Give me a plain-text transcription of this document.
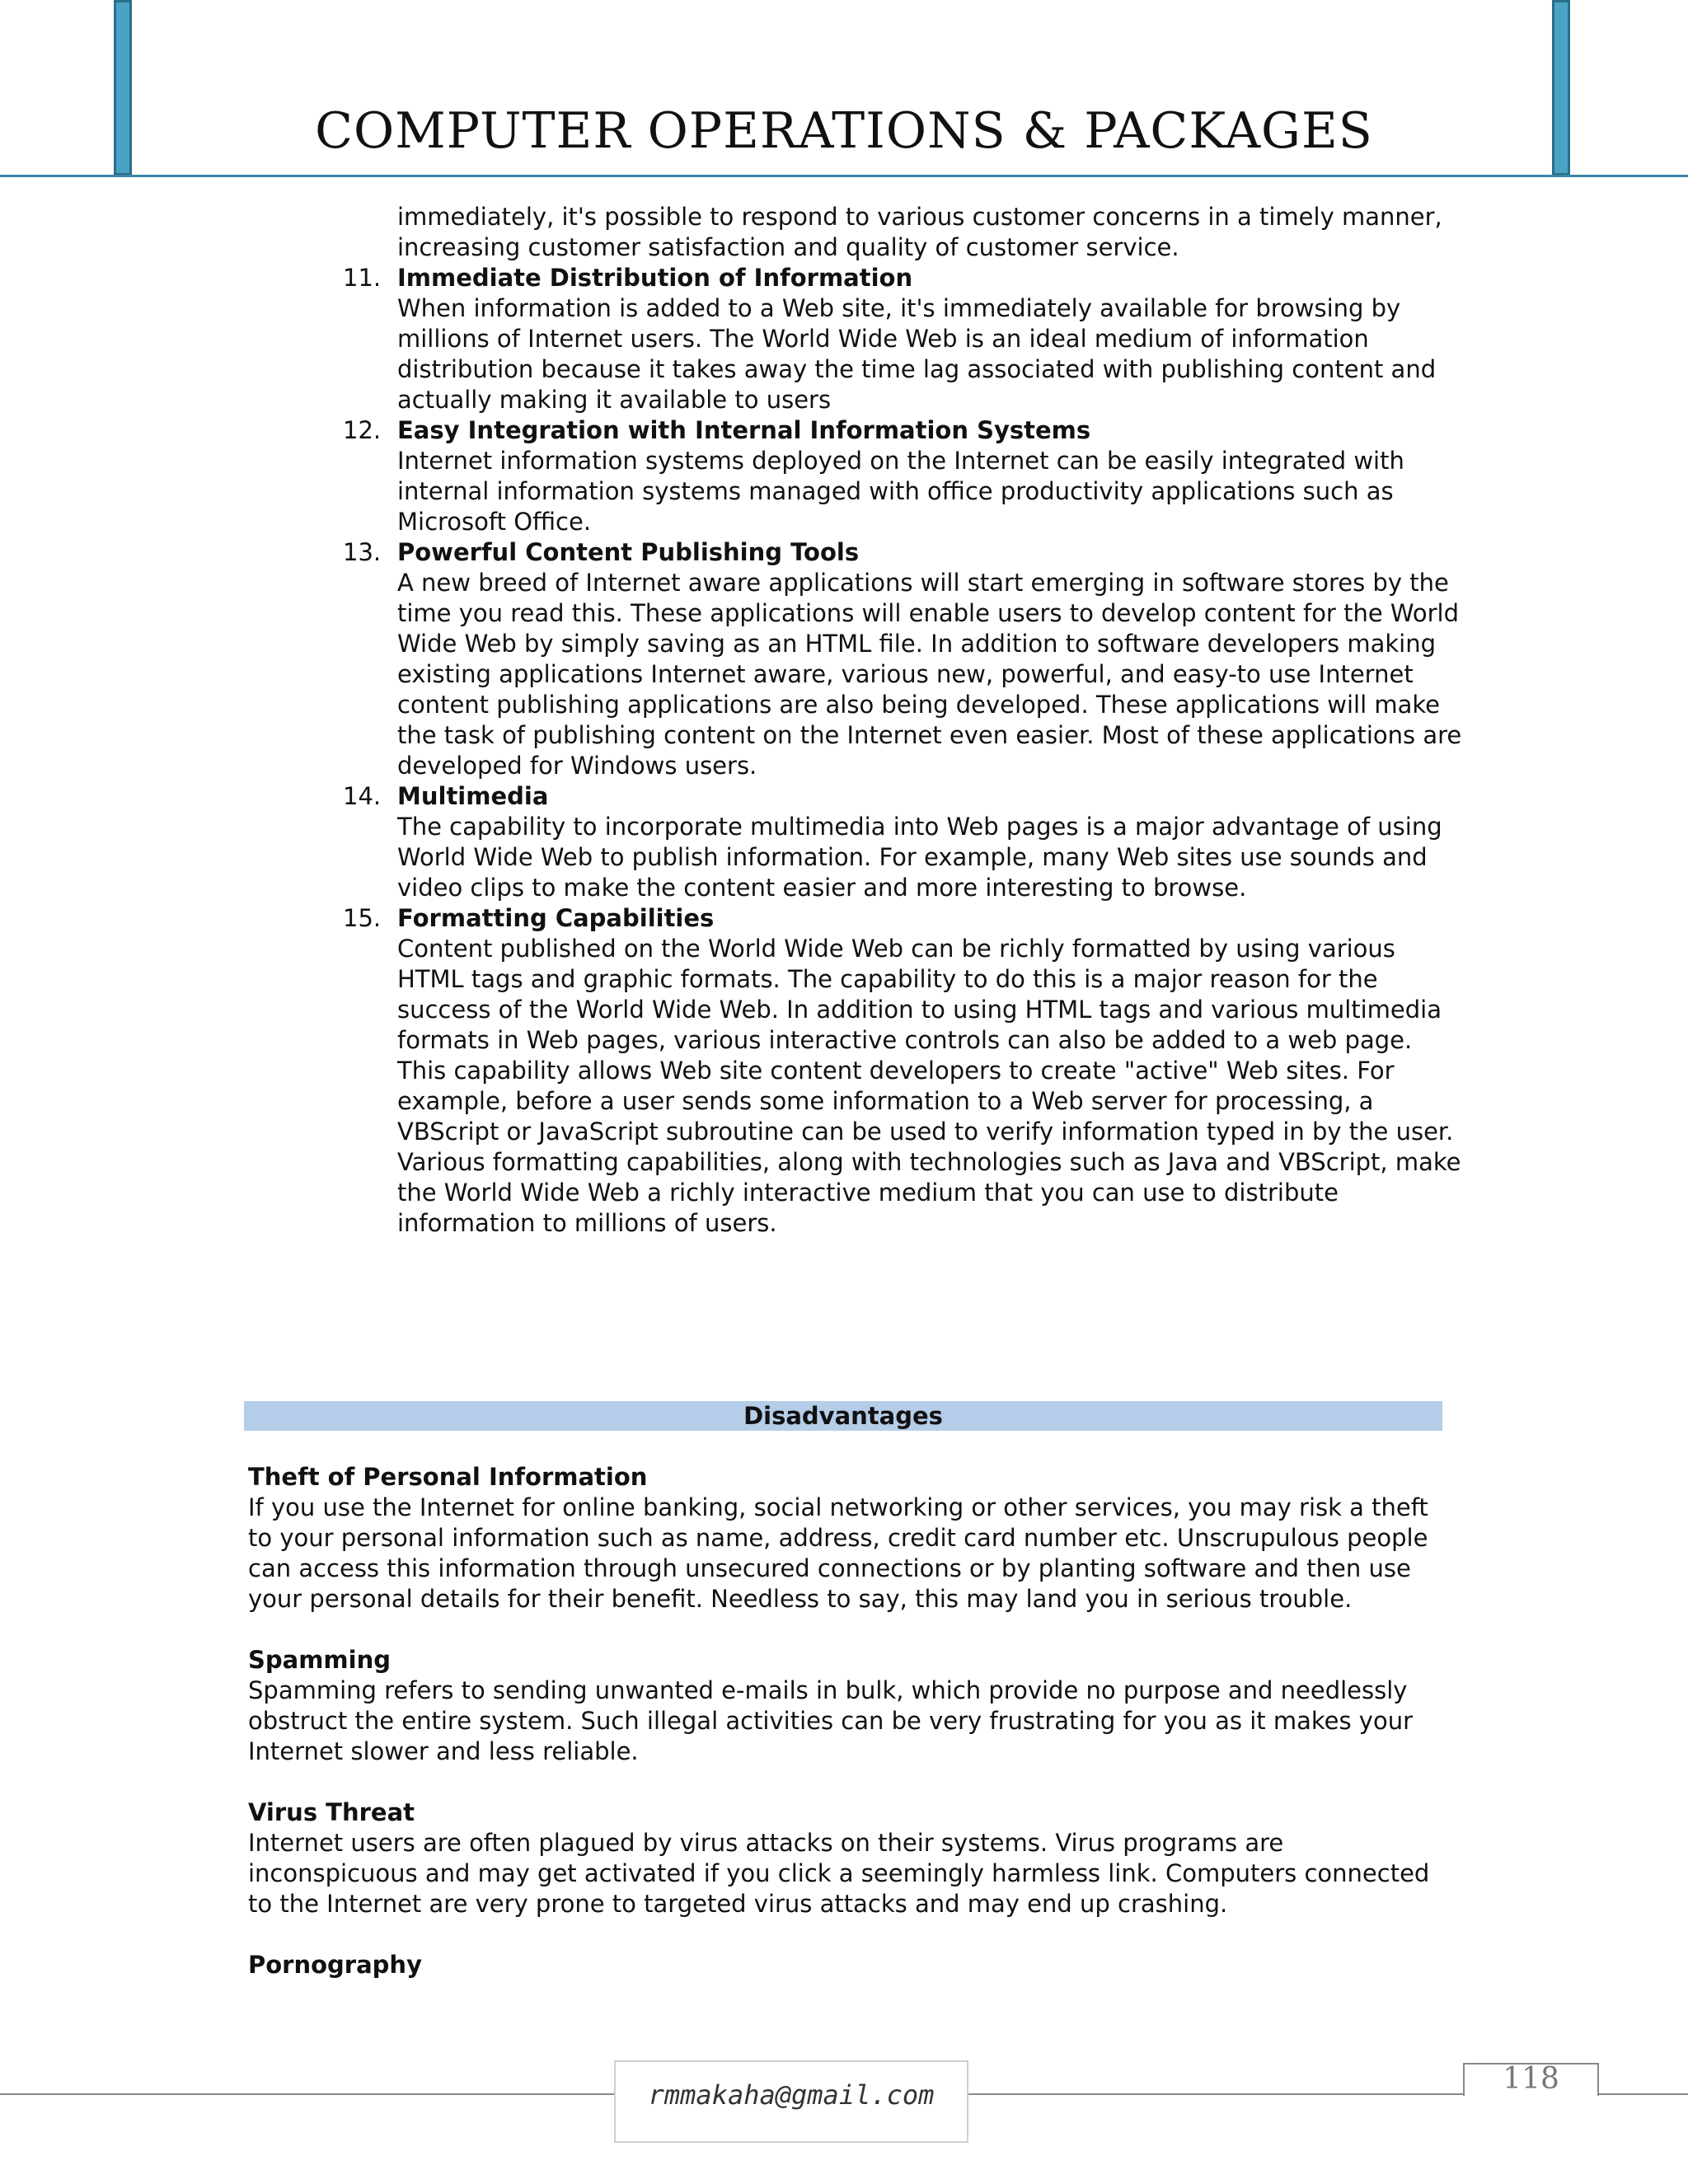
COMPUTER OPERATIONS & PACKAGES
immediately, it's possible to respond to various customer concerns in a timely manner, increasing customer satisfaction and quality of customer service.
11. Immediate Distribution of Information
When information is added to a Web site, it's immediately available for browsing by millions of Internet users. The World Wide Web is an ideal medium of information distribution because it takes away the time lag associated with publishing content and actually making it available to users
12. Easy Integration with Internal Information Systems
Internet information systems deployed on the Internet can be easily integrated with internal information systems managed with office productivity applications such as Microsoft Office.
13. Powerful Content Publishing Tools
A new breed of Internet aware applications will start emerging in software stores by the time you read this. These applications will enable users to develop content for the World Wide Web by simply saving as an HTML file. In addition to software developers making existing applications Internet aware, various new, powerful, and easy-to use Internet content publishing applications are also being developed. These applications will make the task of publishing content on the Internet even easier. Most of these applications are developed for Windows users.
14. Multimedia
The capability to incorporate multimedia into Web pages is a major advantage of using World Wide Web to publish information. For example, many Web sites use sounds and video clips to make the content easier and more interesting to browse.
15. Formatting Capabilities
Content published on the World Wide Web can be richly formatted by using various HTML tags and graphic formats. The capability to do this is a major reason for the success of the World Wide Web. In addition to using HTML tags and various multimedia formats in Web pages, various interactive controls can also be added to a web page. This capability allows Web site content developers to create "active" Web sites. For example, before a user sends some information to a Web server for processing, a VBScript or JavaScript subroutine can be used to verify information typed in by the user. Various formatting capabilities, along with technologies such as Java and VBScript, make the World Wide Web a richly interactive medium that you can use to distribute information to millions of users.
Disadvantages
Theft of Personal Information
If you use the Internet for online banking, social networking or other services, you may risk a theft to your personal information such as name, address, credit card number etc. Unscrupulous people can access this information through unsecured connections or by planting software and then use your personal details for their benefit. Needless to say, this may land you in serious trouble.
Spamming
Spamming refers to sending unwanted e-mails in bulk, which provide no purpose and needlessly obstruct the entire system. Such illegal activities can be very frustrating for you as it makes your Internet slower and less reliable.
Virus Threat
Internet users are often plagued by virus attacks on their systems. Virus programs are inconspicuous and may get activated if you click a seemingly harmless link. Computers connected to the Internet are very prone to targeted virus attacks and may end up crashing.
Pornography
rmmakaha@gmail.com	118
